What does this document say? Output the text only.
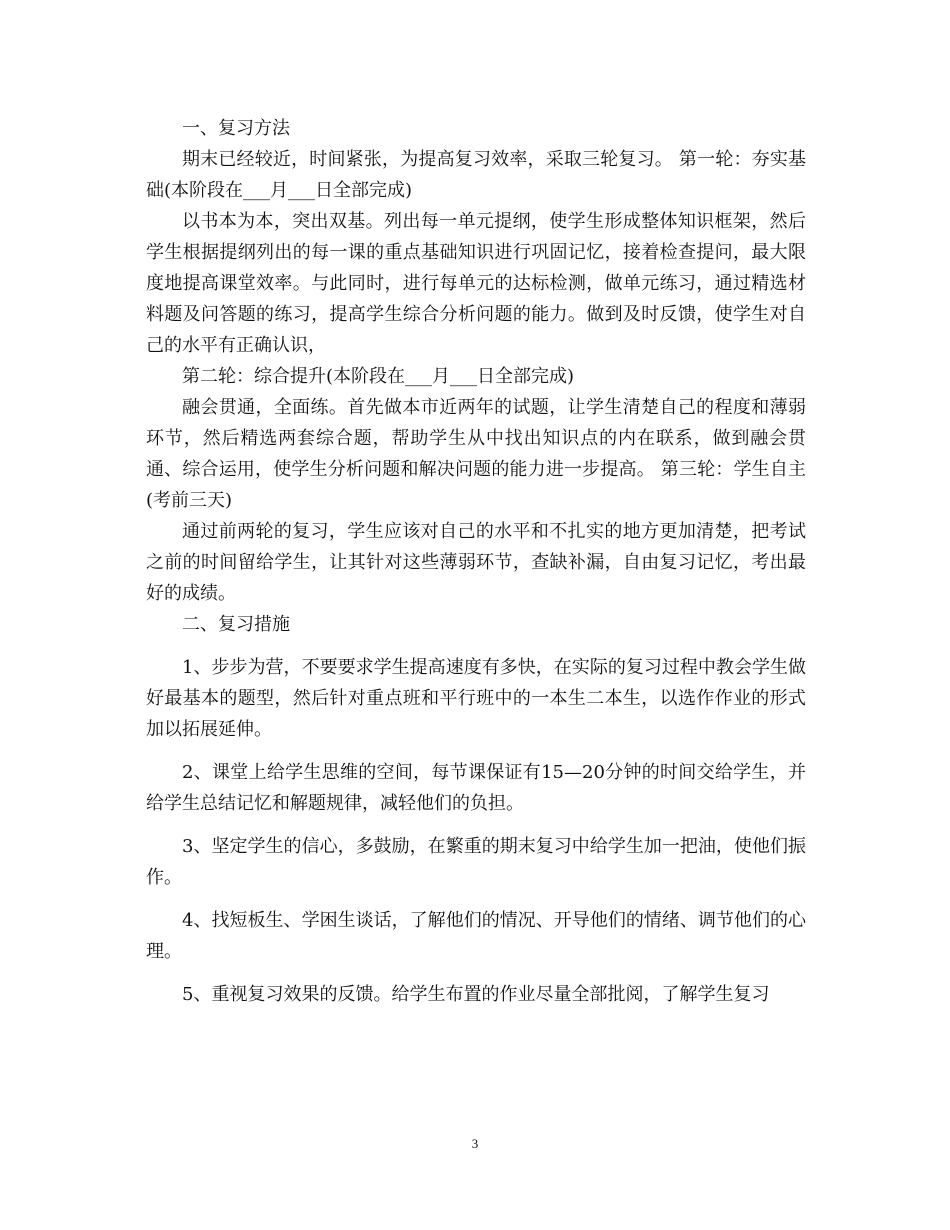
一、复习方法

期末已经较近，时间紧张，为提高复习效率，采取三轮复习。 第一轮：夯实基础(本阶段在___月___日全部完成)

以书本为本，突出双基。列出每一单元提纲，使学生形成整体知识框架，然后学生根据提纲列出的每一课的重点基础知识进行巩固记忆，接着检查提问，最大限度地提高课堂效率。与此同时，进行每单元的达标检测，做单元练习，通过精选材料题及问答题的练习，提高学生综合分析问题的能力。做到及时反馈，使学生对自己的水平有正确认识，

第二轮：综合提升(本阶段在___月___日全部完成)

融会贯通，全面练。首先做本市近两年的试题，让学生清楚自己的程度和薄弱环节，然后精选两套综合题，帮助学生从中找出知识点的内在联系，做到融会贯通、综合运用，使学生分析问题和解决问题的能力进一步提高。 第三轮：学生自主(考前三天)

通过前两轮的复习，学生应该对自己的水平和不扎实的地方更加清楚，把考试之前的时间留给学生，让其针对这些薄弱环节，查缺补漏，自由复习记忆，考出最好的成绩。

二、复习措施

1、步步为营，不要要求学生提高速度有多快，在实际的复习过程中教会学生做好最基本的题型，然后针对重点班和平行班中的一本生二本生，以选作作业的形式加以拓展延伸。

2、课堂上给学生思维的空间，每节课保证有15—20分钟的时间交给学生，并给学生总结记忆和解题规律，减轻他们的负担。

3、坚定学生的信心，多鼓励，在繁重的期末复习中给学生加一把油，使他们振作。

4、找短板生、学困生谈话，了解他们的情况、开导他们的情绪、调节他们的心理。

5、重视复习效果的反馈。给学生布置的作业尽量全部批阅，了解学生复习

3
